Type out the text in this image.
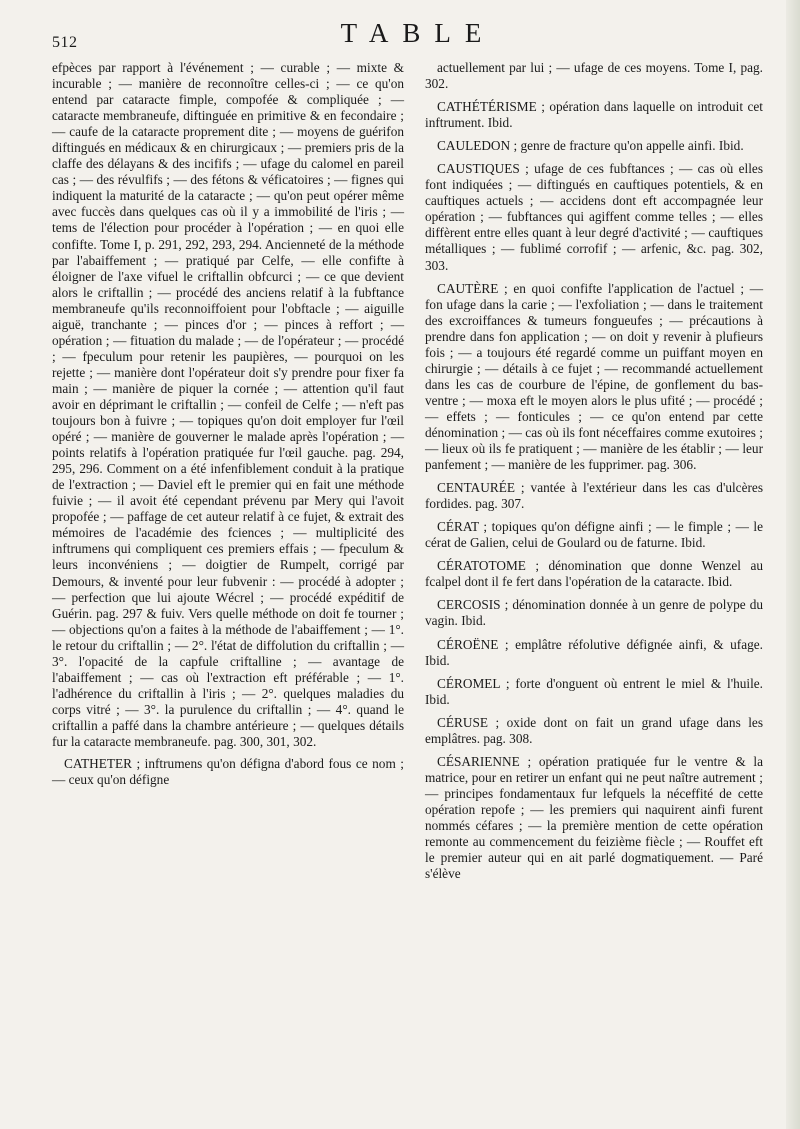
512	TABLE

efpèces par rapport à l'événement ; — curable ; — mixte & incurable ; — manière de reconnoître celles-ci ; — ce qu'on entend par cataracte fimple, compofée & compliquée ; — cataracte membraneufe, diftinguée en primitive & en fecondaire ; — caufe de la cataracte proprement dite ; — moyens de guérifon diftingués en médicaux & en chirurgicaux ; — premiers pris de la claffe des délayans & des incififs ; — ufage du calomel en pareil cas ; — des révulfifs ; — des fétons & véficatoires ; — fignes qui indiquent la maturité de la cataracte ; — qu'on peut opérer même avec fuccès dans quelques cas où il y a immobilité de l'iris ; — tems de l'élection pour procéder à l'opération ; — en quoi elle confifte. Tome I, p. 291, 292, 293, 294. Ancienneté de la méthode par l'abaiffement ; — pratiqué par Celfe, — elle confifte à éloigner de l'axe vifuel le criftallin obfcurci ; — ce que devient alors le criftallin ; — procédé des anciens relatif à la fubftance membraneufe qu'ils reconnoiffoient pour l'obftacle ; — aiguille aiguë, tranchante ; — pinces d'or ; — pinces à reffort ; — opération ; — fituation du malade ; — de l'opérateur ; — procédé ; — fpeculum pour retenir les paupières, — pourquoi on les rejette ; — manière dont l'opérateur doit s'y prendre pour fixer fa main ; — manière de piquer la cornée ; — attention qu'il faut avoir en déprimant le criftallin ; — confeil de Celfe ; — n'eft pas toujours bon à fuivre ; — topiques qu'on doit employer fur l'œil opéré ; — manière de gouverner le malade après l'opération ; — points relatifs à l'opération pratiquée fur l'œil gauche. pag. 294, 295, 296. Comment on a été infenfiblement conduit à la pratique de l'extraction ; — Daviel eft le premier qui en fait une méthode fuivie ; — il avoit été cependant prévenu par Mery qui l'avoit propofée ; — paffage de cet auteur relatif à ce fujet, & extrait des mémoires de l'académie des fciences ; — multiplicité des inftrumens qui compliquent ces premiers effais ; — fpeculum & leurs inconvéniens ; — doigtier de Rumpelt, corrigé par Demours, & inventé pour leur fubvenir : — procédé à adopter ; — perfection que lui ajoute Wécrel ; — procédé expéditif de Guérin. pag. 297 & fuiv. Vers quelle méthode on doit fe tourner ; — objections qu'on a faites à la méthode de l'abaiffement ; — 1°. le retour du criftallin ; — 2°. l'état de diffolution du criftallin ; — 3°. l'opacité de la capfule criftalline ; — avantage de l'abaiffement ; — cas où l'extraction eft préférable ; — 1°. l'adhérence du criftallin à l'iris ; — 2°. quelques maladies du corps vitré ; — 3°. la purulence du criftallin ; — 4°. quand le criftallin a paffé dans la chambre antérieure ; — quelques détails fur la cataracte membraneufe. pag. 300, 301, 302.

CATHETER ; inftrumens qu'on défigna d'abord fous ce nom ; — ceux qu'on défigne

actuellement par lui ; — ufage de ces moyens. Tome I, pag. 302.

CATHÉTÉRISME ; opération dans laquelle on introduit cet inftrument. Ibid.

CAULEDON ; genre de fracture qu'on appelle ainfi. Ibid.

CAUSTIQUES ; ufage de ces fubftances ; — cas où elles font indiquées ; — diftingués en cauftiques potentiels, & en cauftiques actuels ; — accidens dont eft accompagnée leur opération ; — fubftances qui agiffent comme telles ; — elles diffèrent entre elles quant à leur degré d'activité ; — cauftiques métalliques ; — fublimé corrofif ; — arfenic, &c. pag. 302, 303.

CAUTÈRE ; en quoi confifte l'application de l'actuel ; — fon ufage dans la carie ; — l'exfoliation ; — dans le traitement des excroiffances & tumeurs fongueufes ; — précautions à prendre dans fon application ; — on doit y revenir à plufieurs fois ; — a toujours été regardé comme un puiffant moyen en chirurgie ; — détails à ce fujet ; — recommandé actuellement dans les cas de courbure de l'épine, de gonflement du bas-ventre ; — moxa eft le moyen alors le plus ufité ; — procédé ; — effets ; — fonticules ; — ce qu'on entend par cette dénomination ; — cas où ils font néceffaires comme exutoires ; — lieux où ils fe pratiquent ; — manière de les établir ; — leur panfement ; — manière de les fupprimer. pag. 306.

CENTAURÉE ; vantée à l'extérieur dans les cas d'ulcères fordides. pag. 307.

CÉRAT ; topiques qu'on défigne ainfi ; — le fimple ; — le cérat de Galien, celui de Goulard ou de faturne. Ibid.

CÉRATOTOME ; dénomination que donne Wenzel au fcalpel dont il fe fert dans l'opération de la cataracte. Ibid.

CERCOSIS ; dénomination donnée à un genre de polype du vagin. Ibid.

CÉROËNE ; emplâtre réfolutive défignée ainfi, & ufage. Ibid.

CÉROMEL ; forte d'onguent où entrent le miel & l'huile. Ibid.

CÉRUSE ; oxide dont on fait un grand ufage dans les emplâtres. pag. 308.

CÉSARIENNE ; opération pratiquée fur le ventre & la matrice, pour en retirer un enfant qui ne peut naître autrement ; — principes fondamentaux fur lefquels la néceffité de cette opération repofe ; — les premiers qui naquirent ainfi furent nommés céfares ; — la première mention de cette opération remonte au commencement du feizième fiècle ; — Rouffet eft le premier auteur qui en ait parlé dogmatiquement. — Paré s'élève
